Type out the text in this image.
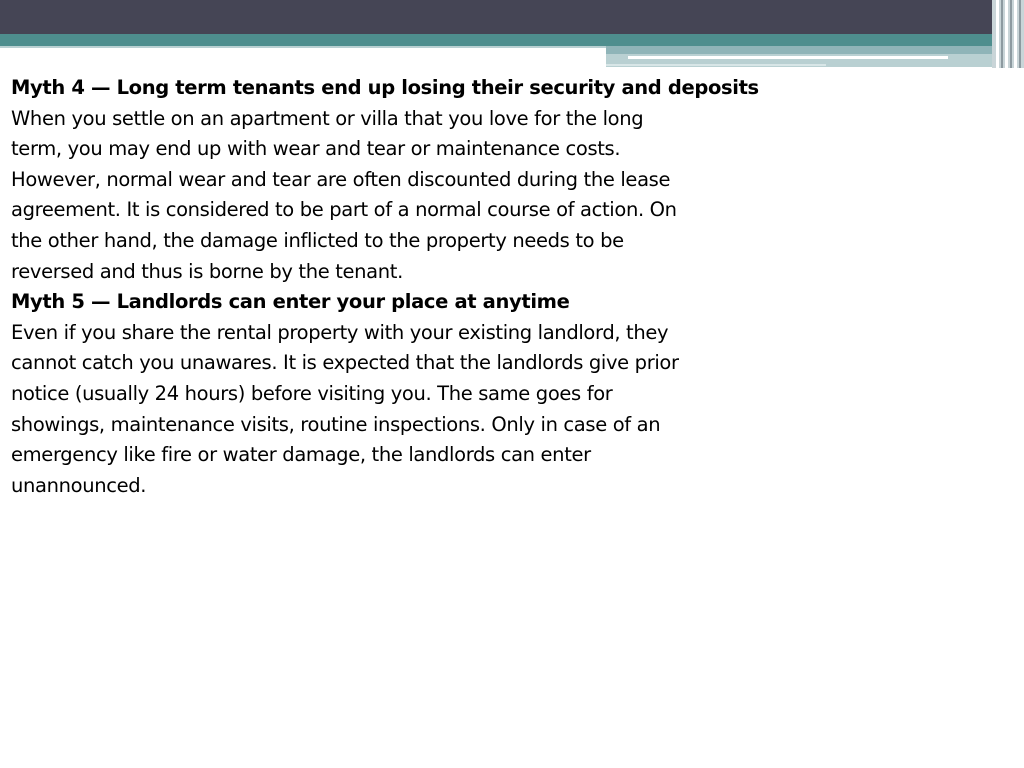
Myth 4 — Long term tenants end up losing their security and deposits

When you settle on an apartment or villa that you love for the long

term, you may end up with wear and tear or maintenance costs.

However, normal wear and tear are often discounted during the lease

agreement. It is considered to be part of a normal course of action. On

the other hand, the damage inflicted to the property needs to be

reversed and thus is borne by the tenant.

Myth 5 — Landlords can enter your place at anytime

Even if you share the rental property with your existing landlord, they

cannot catch you unawares. It is expected that the landlords give prior

notice (usually 24 hours) before visiting you. The same goes for

showings, maintenance visits, routine inspections. Only in case of an

emergency like fire or water damage, the landlords can enter

unannounced.
